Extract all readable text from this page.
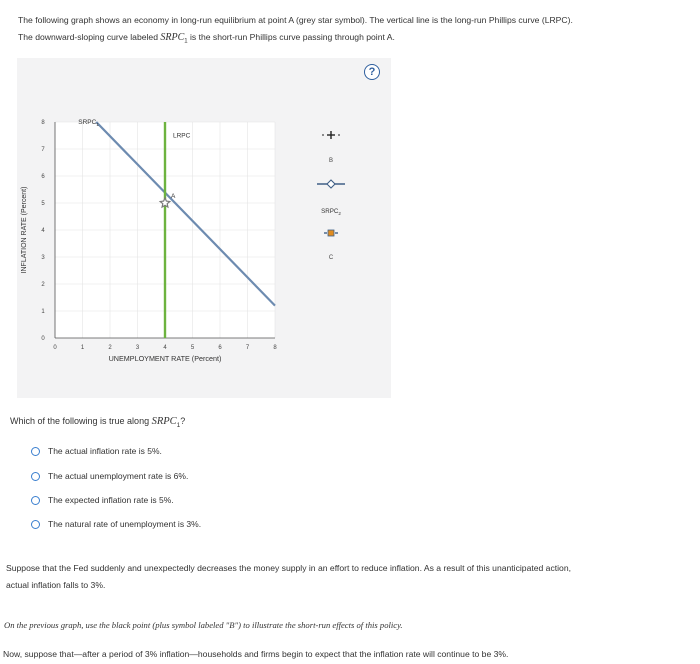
The following graph shows an economy in long-run equilibrium at point A (grey star symbol). The vertical line is the long-run Phillips curve (LRPC).
The downward-sloping curve labeled $SRPC_1$ is the short-run Phillips curve passing through point A.
0	1	2	3	4	5	6	7	8
0
1
2
3
4
5
6
7
8
UNEMPLOYMENT RATE (Percent)
INFLATION RATE (Percent)
$SRPC_1$
LRPC
A
B
$SRPC_2$
C
?
Which of the following is true along $SRPC_1$?
The actual inflation rate is 5%.
The actual unemployment rate is 6%.
The expected inflation rate is 5%.
The natural rate of unemployment is 3%.
Suppose that the Fed suddenly and unexpectedly decreases the money supply in an effort to reduce inflation. As a result of this unanticipated action,
actual inflation falls to 3%.
On the previous graph, use the black point (plus symbol labeled "B") to illustrate the short-run effects of this policy.
Now, suppose that—after a period of 3% inflation—households and firms begin to expect that the inflation rate will continue to be 3%.
